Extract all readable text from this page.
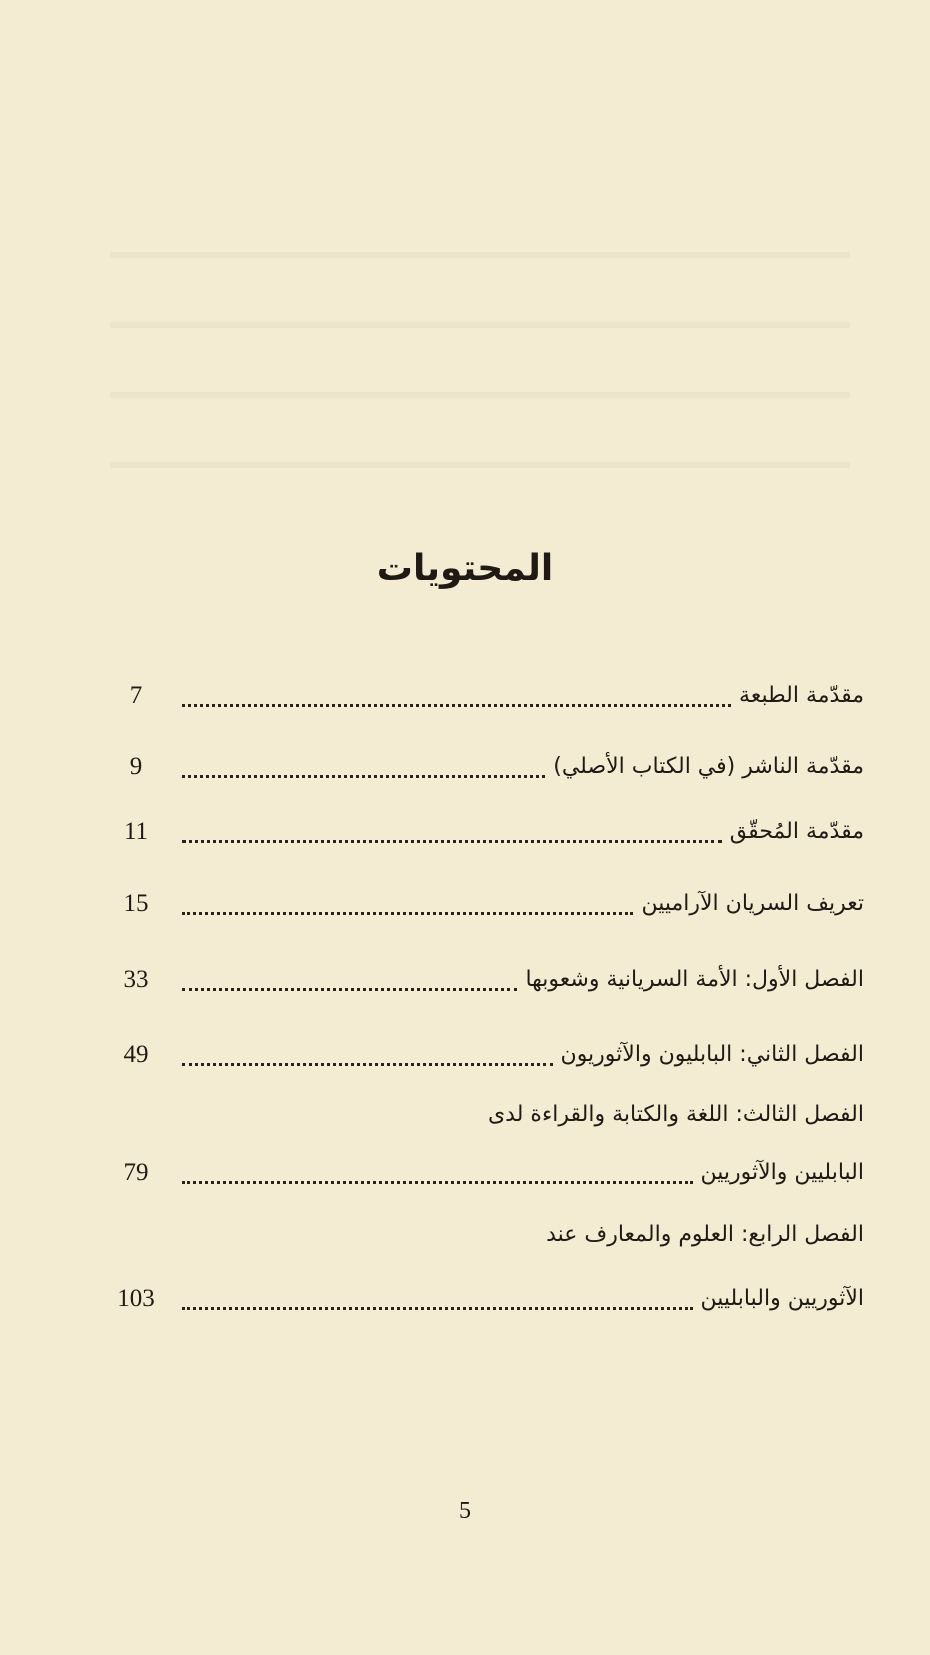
المحتويات
7	مقدّمة الطبعة
9	مقدّمة الناشر (في الكتاب الأصلي)
11	مقدّمة المُحقّق
15	تعريف السريان الآراميين
33	الفصل الأول: الأمة السريانية وشعوبها
49	الفصل الثاني: البابليون والآثوريون
الفصل الثالث: اللغة والكتابة والقراءة لدى
79	البابليين والآثوريين
الفصل الرابع: العلوم والمعارف عند
103	الآثوريين والبابليين
5
